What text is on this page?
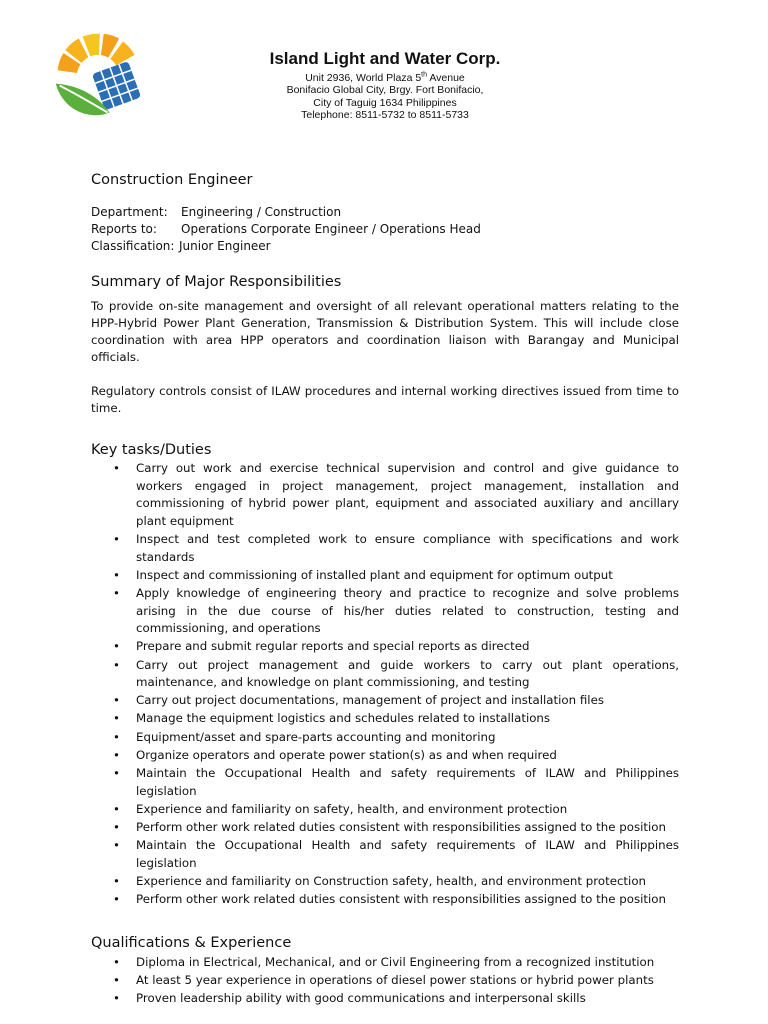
Island Light and Water Corp.
Unit 2936, World Plaza 5th Avenue
Bonifacio Global City, Brgy. Fort Bonifacio,
City of Taguig 1634 Philippines
Telephone: 8511-5732 to 8511-5733
Construction Engineer
Department:	Engineering / Construction
Reports to:	Operations Corporate Engineer / Operations Head
Classification: Junior Engineer
Summary of Major Responsibilities

To provide on-site management and oversight of all relevant operational matters relating to the HPP-Hybrid Power Plant Generation, Transmission & Distribution System. This will include close coordination with area HPP operators and coordination liaison with Barangay and Municipal officials.

Regulatory controls consist of ILAW procedures and internal working directives issued from time to time.

Key tasks/Duties
• Carry out work and exercise technical supervision and control and give guidance to workers engaged in project management, project management, installation and commissioning of hybrid power plant, equipment and associated auxiliary and ancillary plant equipment
• Inspect and test completed work to ensure compliance with specifications and work standards
• Inspect and commissioning of installed plant and equipment for optimum output
• Apply knowledge of engineering theory and practice to recognize and solve problems arising in the due course of his/her duties related to construction, testing and commissioning, and operations
• Prepare and submit regular reports and special reports as directed
• Carry out project management and guide workers to carry out plant operations, maintenance, and knowledge on plant commissioning, and testing
• Carry out project documentations, management of project and installation files
• Manage the equipment logistics and schedules related to installations
• Equipment/asset and spare-parts accounting and monitoring
• Organize operators and operate power station(s) as and when required
• Maintain the Occupational Health and safety requirements of ILAW and Philippines legislation
• Experience and familiarity on safety, health, and environment protection
• Perform other work related duties consistent with responsibilities assigned to the position
• Maintain the Occupational Health and safety requirements of ILAW and Philippines legislation
• Experience and familiarity on Construction safety, health, and environment protection
• Perform other work related duties consistent with responsibilities assigned to the position
Qualifications & Experience
• Diploma in Electrical, Mechanical, and or Civil Engineering from a recognized institution
• At least 5 year experience in operations of diesel power stations or hybrid power plants
• Proven leadership ability with good communications and interpersonal skills
